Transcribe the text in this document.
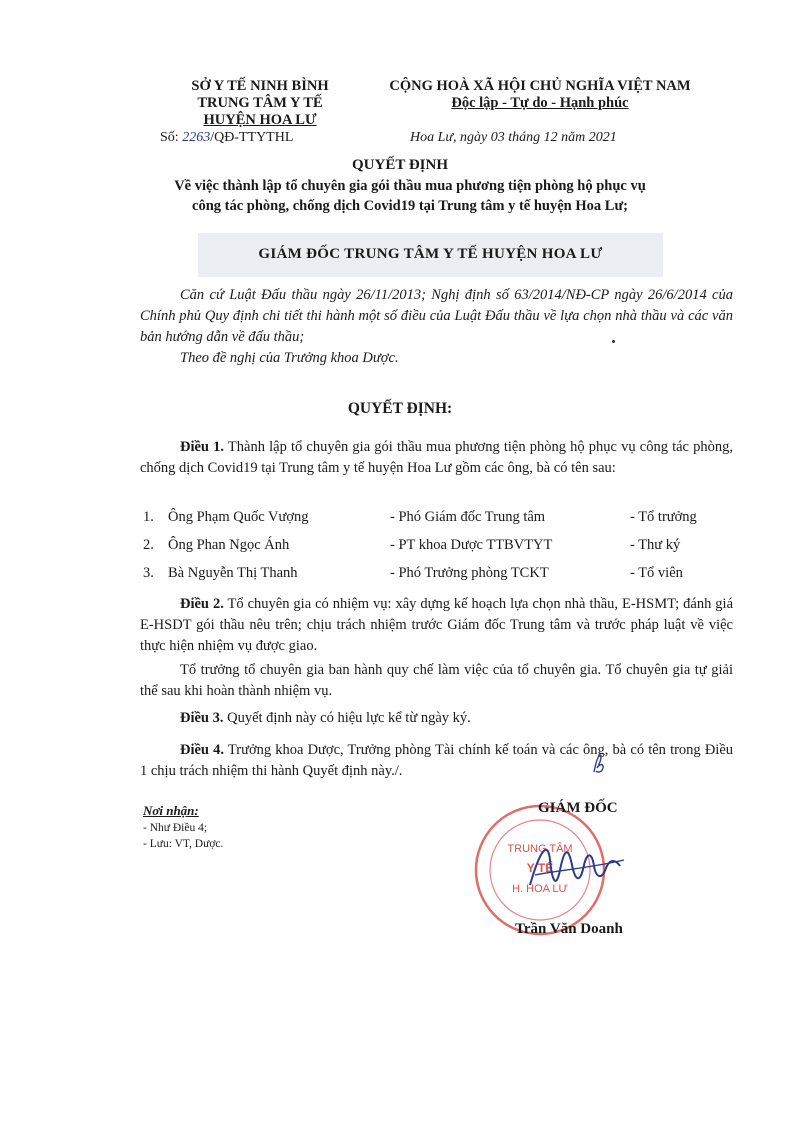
SỞ Y TẾ NINH BÌNH
TRUNG TÂM Y TẾ
HUYỆN HOA LƯ
CỘNG HOÀ XÃ HỘI CHỦ NGHĨA VIỆT NAM
Độc lập - Tự do - Hạnh phúc
Số: 2263/QĐ-TTYTHL	Hoa Lư, ngày 03 tháng 12 năm 2021
QUYẾT ĐỊNH
Về việc thành lập tổ chuyên gia gói thầu mua phương tiện phòng hộ phục vụ
công tác phòng, chống dịch Covid19 tại Trung tâm y tế huyện Hoa Lư;
GIÁM ĐỐC TRUNG TÂM Y TẾ HUYỆN HOA LƯ
Căn cứ Luật Đấu thầu ngày 26/11/2013; Nghị định số 63/2014/NĐ-CP ngày 26/6/2014 của Chính phủ Quy định chi tiết thi hành một số điều của Luật Đấu thầu về lựa chọn nhà thầu và các văn bản hướng dẫn về đấu thầu;
Theo đề nghị của Trưởng khoa Dược.
QUYẾT ĐỊNH:
Điều 1. Thành lập tổ chuyên gia gói thầu mua phương tiện phòng hộ phục vụ công tác phòng, chống dịch Covid19 tại Trung tâm y tế huyện Hoa Lư gồm các ông, bà có tên sau:
1. Ông Phạm Quốc Vượng	- Phó Giám đốc Trung tâm	- Tổ trưởng
2. Ông Phan Ngọc Ánh	- PT khoa Dược TTBVTYT	- Thư ký
3. Bà Nguyễn Thị Thanh	- Phó Trưởng phòng TCKT	- Tổ viên
Điều 2. Tổ chuyên gia có nhiệm vụ: xây dựng kế hoạch lựa chọn nhà thầu, E-HSMT; đánh giá E-HSDT gói thầu nêu trên; chịu trách nhiệm trước Giám đốc Trung tâm và trước pháp luật về việc thực hiện nhiệm vụ được giao.
Tổ trưởng tổ chuyên gia ban hành quy chế làm việc của tổ chuyên gia. Tổ chuyên gia tự giải thể sau khi hoàn thành nhiệm vụ.
Điều 3. Quyết định này có hiệu lực kể từ ngày ký.
Điều 4. Trưởng khoa Dược, Trưởng phòng Tài chính kế toán và các ông, bà có tên trong Điều 1 chịu trách nhiệm thi hành Quyết định này./.
Nơi nhận:
- Như Điều 4;
- Lưu: VT, Dược.	TRUNG TÂM
Y TẾ
H. HOA LƯ
GIÁM ĐỐC
Trần Văn Doanh
